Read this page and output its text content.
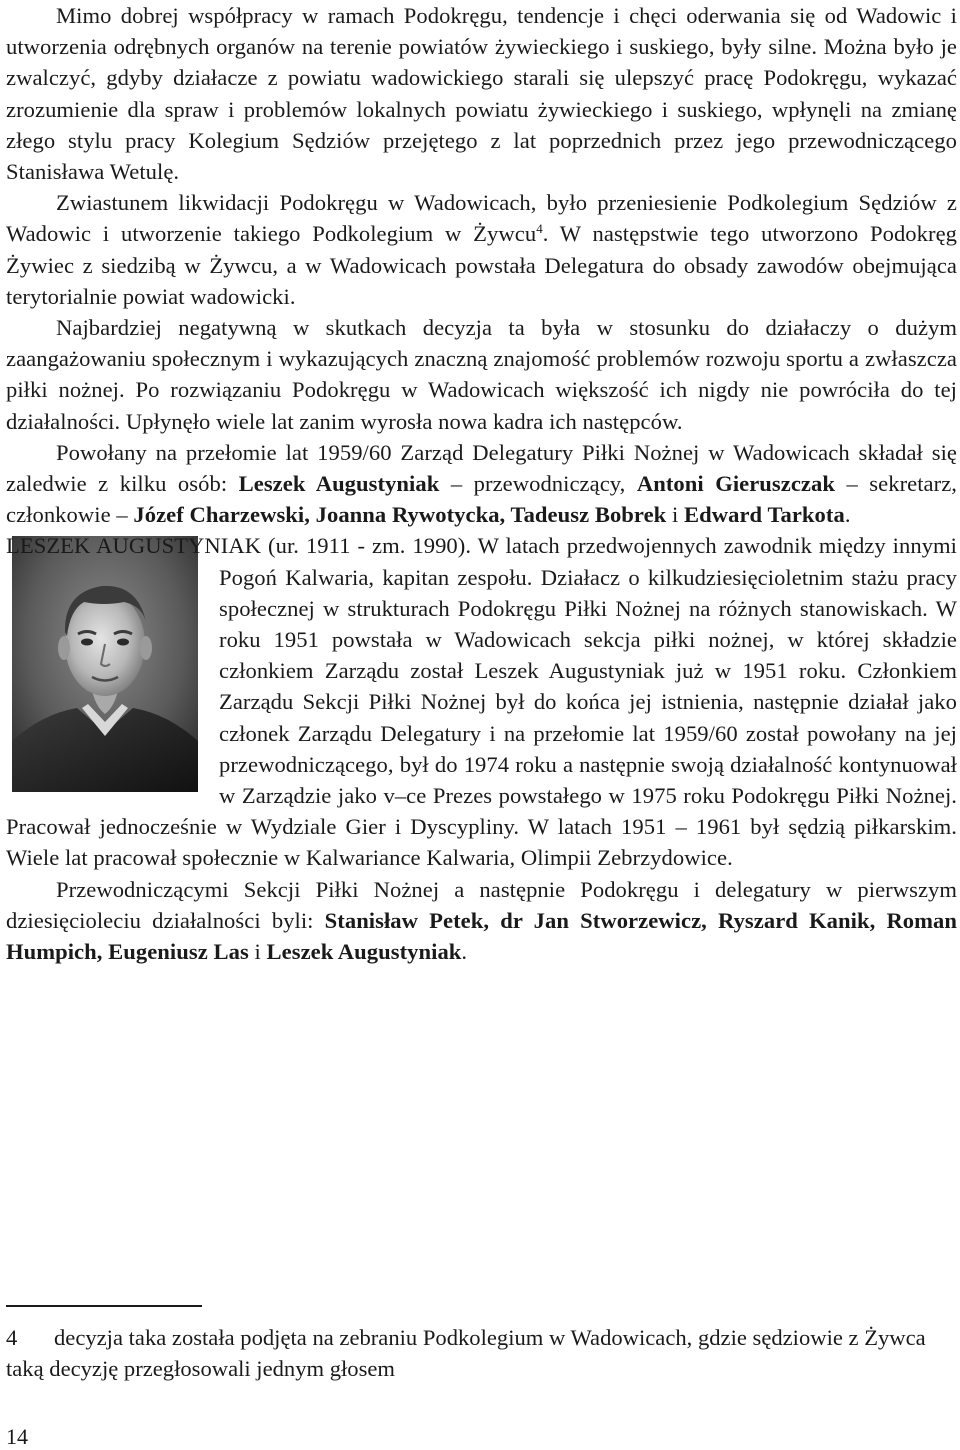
Mimo dobrej współpracy w ramach Podokręgu, tendencje i chęci oderwania się od Wadowic i utworzenia odrębnych organów na terenie powiatów żywieckiego i suskiego, były silne. Można było je zwalczyć, gdyby działacze z powiatu wadowickiego starali się ulepszyć pracę Podokręgu, wykazać zrozumienie dla spraw i problemów lokalnych powiatu żywieckiego i suskiego, wpłynęli na zmianę złego stylu pracy Kolegium Sędziów przejętego z lat poprzednich przez jego przewodniczącego Stanisława Wetulę.

Zwiastunem likwidacji Podokręgu w Wadowicach, było przeniesienie Podkolegium Sędziów z Wadowic i utworzenie takiego Podkolegium w Żywcu$^4$. W następstwie tego utworzono Podokręg Żywiec z siedzibą w Żywcu, a w Wadowicach powstała Delegatura do obsady zawodów obejmująca terytorialnie powiat wadowicki.

Najbardziej negatywną w skutkach decyzja ta była w stosunku do działaczy o dużym zaangażowaniu społecznym i wykazujących znaczną znajomość problemów rozwoju sportu a zwłaszcza piłki nożnej. Po rozwiązaniu Podokręgu w Wadowicach większość ich nigdy nie powróciła do tej działalności. Upłynęło wiele lat zanim wyrosła nowa kadra ich następców.

Powołany na przełomie lat 1959/60 Zarząd Delegatury Piłki Nożnej w Wadowicach składał się zaledwie z kilku osób: Leszek Augustyniak – przewodniczący, Antoni Gieruszczak – sekretarz, członkowie – Józef Charzewski, Joanna Rywotycka, Tadeusz Bobrek i Edward Tarkota.

LESZEK AUGUSTYNIAK (ur. 1911 - zm. 1990).
W latach przedwojennych zawodnik między innymi Pogoń Kalwaria, kapitan zespołu. Działacz o kilkudziesięcioletnim stażu pracy społecznej w strukturach Podokręgu Piłki Nożnej na różnych stanowiskach. W roku 1951 powstała w Wadowicach sekcja piłki nożnej, w której składzie członkiem Zarządu został Leszek Augustyniak już w 1951 roku. Członkiem Zarządu Sekcji Piłki Nożnej był do końca jej istnienia, następnie działał jako członek Zarządu Delegatury i na przełomie lat 1959/60 został powołany na jej przewodniczącego, był do 1974 roku a następnie swoją działalność kontynuował w Zarządzie jako v–ce Prezes powstałego w 1975 roku Podokręgu Piłki Nożnej. Pracował jednocześnie w Wydziale Gier i Dyscypliny. W latach 1951 – 1961 był sędzią piłkarskim. Wiele lat pracował społecznie w Kalwariance Kalwaria, Olimpii Zebrzydowice.

Przewodniczącymi Sekcji Piłki Nożnej a następnie Podokręgu i delegatury w pierwszym dziesięcioleciu działalności byli: Stanisław Petek, dr Jan Stworzewicz, Ryszard Kanik, Roman Humpich, Eugeniusz Las i Leszek Augustyniak.

4 decyzja taka została podjęta na zebraniu Podkolegium w Wadowicach, gdzie sędziowie z Żywca taką decyzję przegłosowali jednym głosem
14
